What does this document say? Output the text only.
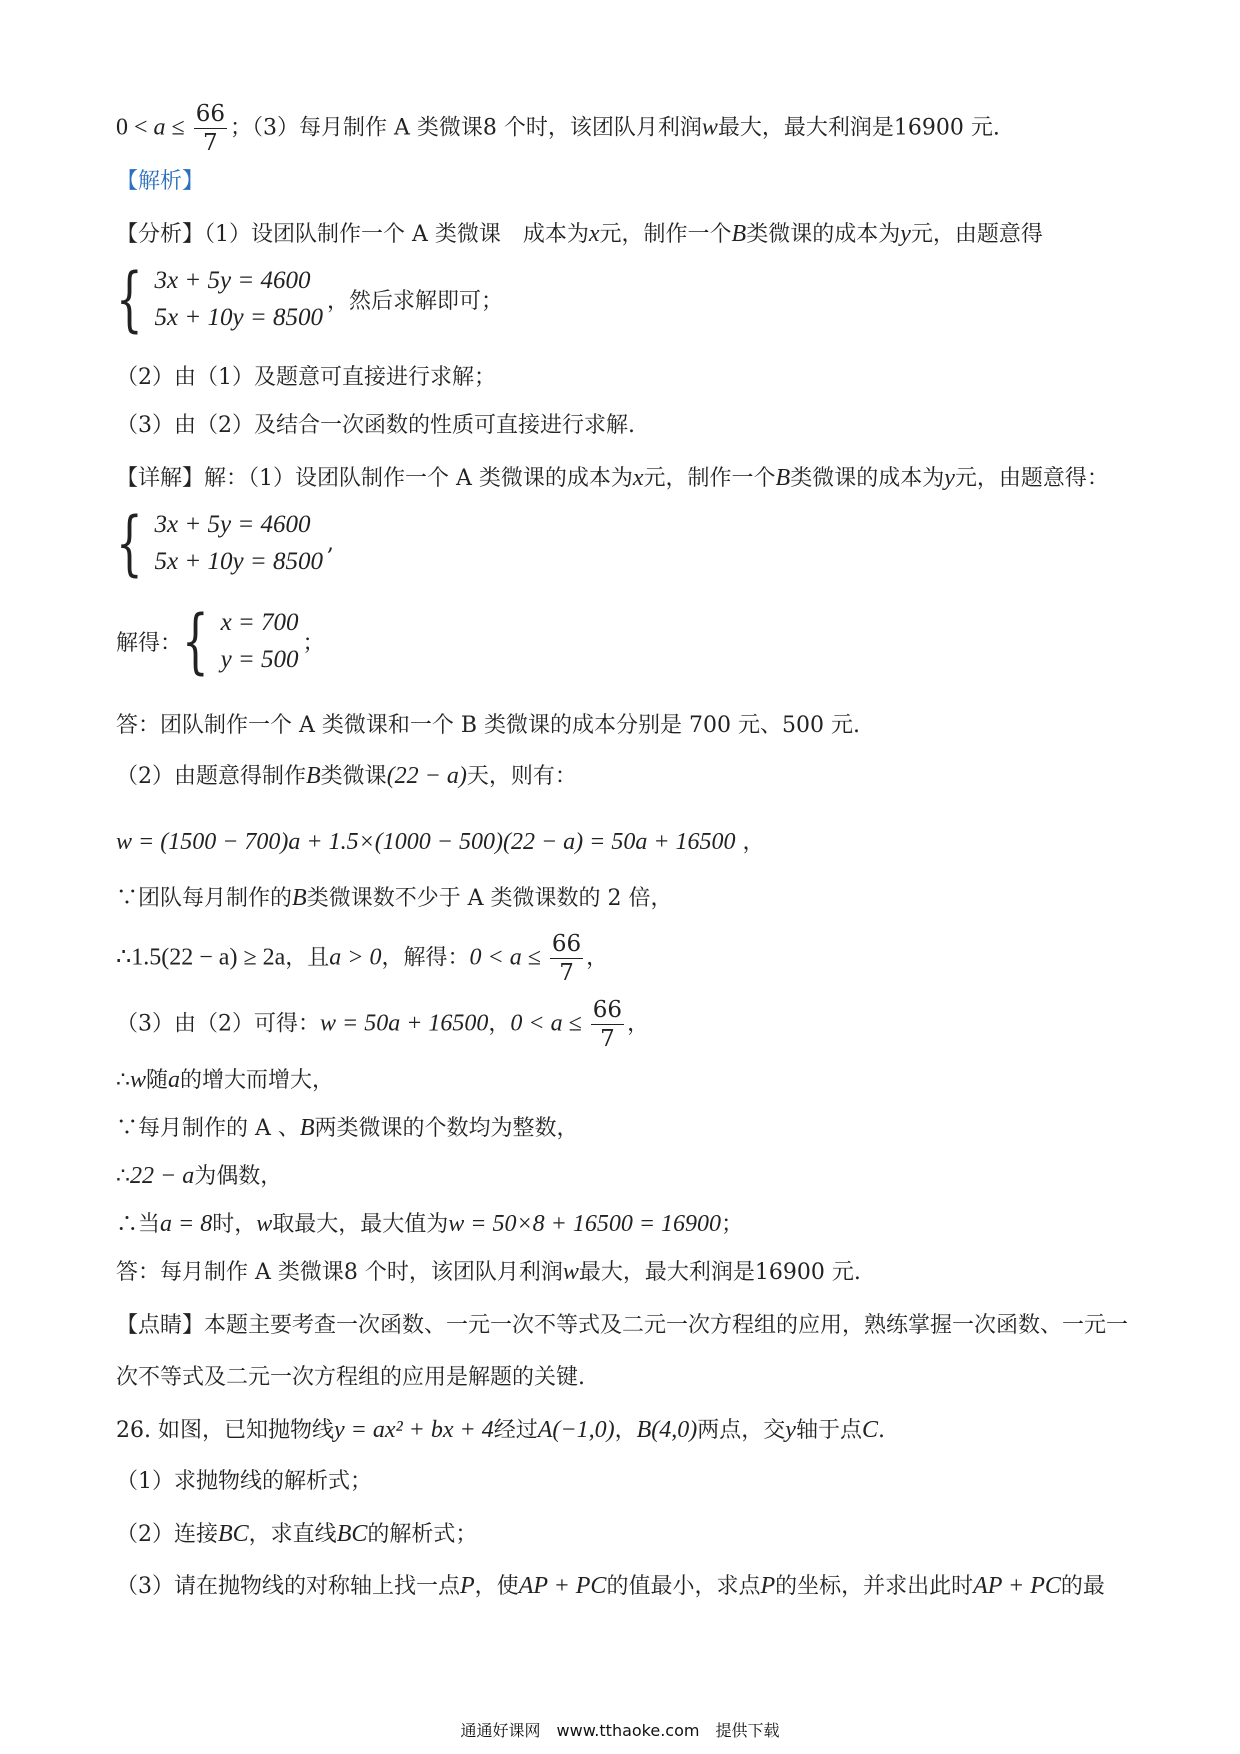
$0 < a \le \frac{66}{7}$ ；（3）每月制作 A 类微课8 个时，该团队月利润w最大，最大利润是16900 元.
【解析】
【分析】（1）设团队制作一个 A 类微课　成本为x元，制作一个B类微课的成本为y元，由题意得
{ 3x + 5y = 4600
5x + 10y = 8500
，然后求解即可；
（2）由（1）及题意可直接进行求解；
（3）由（2）及结合一次函数的性质可直接进行求解.
【详解】解：（1）设团队制作一个 A 类微课的成本为x元，制作一个B类微课的成本为y元，由题意得：
{ 3x + 5y = 4600
5x + 10y = 8500
,
解得： { x = 700
y = 500
；
答：团队制作一个 A 类微课和一个 B 类微课的成本分别是 700 元、500 元.
（2）由题意得制作B类微课(22 − a)天，则有：
w = (1500 − 700)a + 1.5×(1000 − 500)(22 − a) = 50a + 16500 ，
∵团队每月制作的B类微课数不少于 A 类微课数的 2 倍，
∴1.5(22 − a) ≥ 2a，且a > 0，解得：$0 < a \le \frac{66}{7}$ ，
（3）由（2）可得：w = 50a + 16500，$0 < a \le \frac{66}{7}$ ，
∴w随a的增大而增大，
∵每月制作的 A 、B两类微课的个数均为整数，
∴22 − a为偶数，
∴当a = 8时，w取最大，最大值为w = 50×8 + 16500 = 16900；
答：每月制作 A 类微课8 个时，该团队月利润w最大，最大利润是16900 元.
【点睛】本题主要考查一次函数、一元一次不等式及二元一次方程组的应用，熟练掌握一次函数、一元一
次不等式及二元一次方程组的应用是解题的关键.
26. 如图，已知抛物线y = ax² + bx + 4经过A(−1,0)，B(4,0)两点，交y轴于点C.
（1）求抛物线的解析式；
（2）连接BC，求直线BC的解析式；
（3）请在抛物线的对称轴上找一点P，使AP + PC的值最小，求点P的坐标，并求出此时AP + PC的最
通通好课网　www.tthaoke.com　提供下载
